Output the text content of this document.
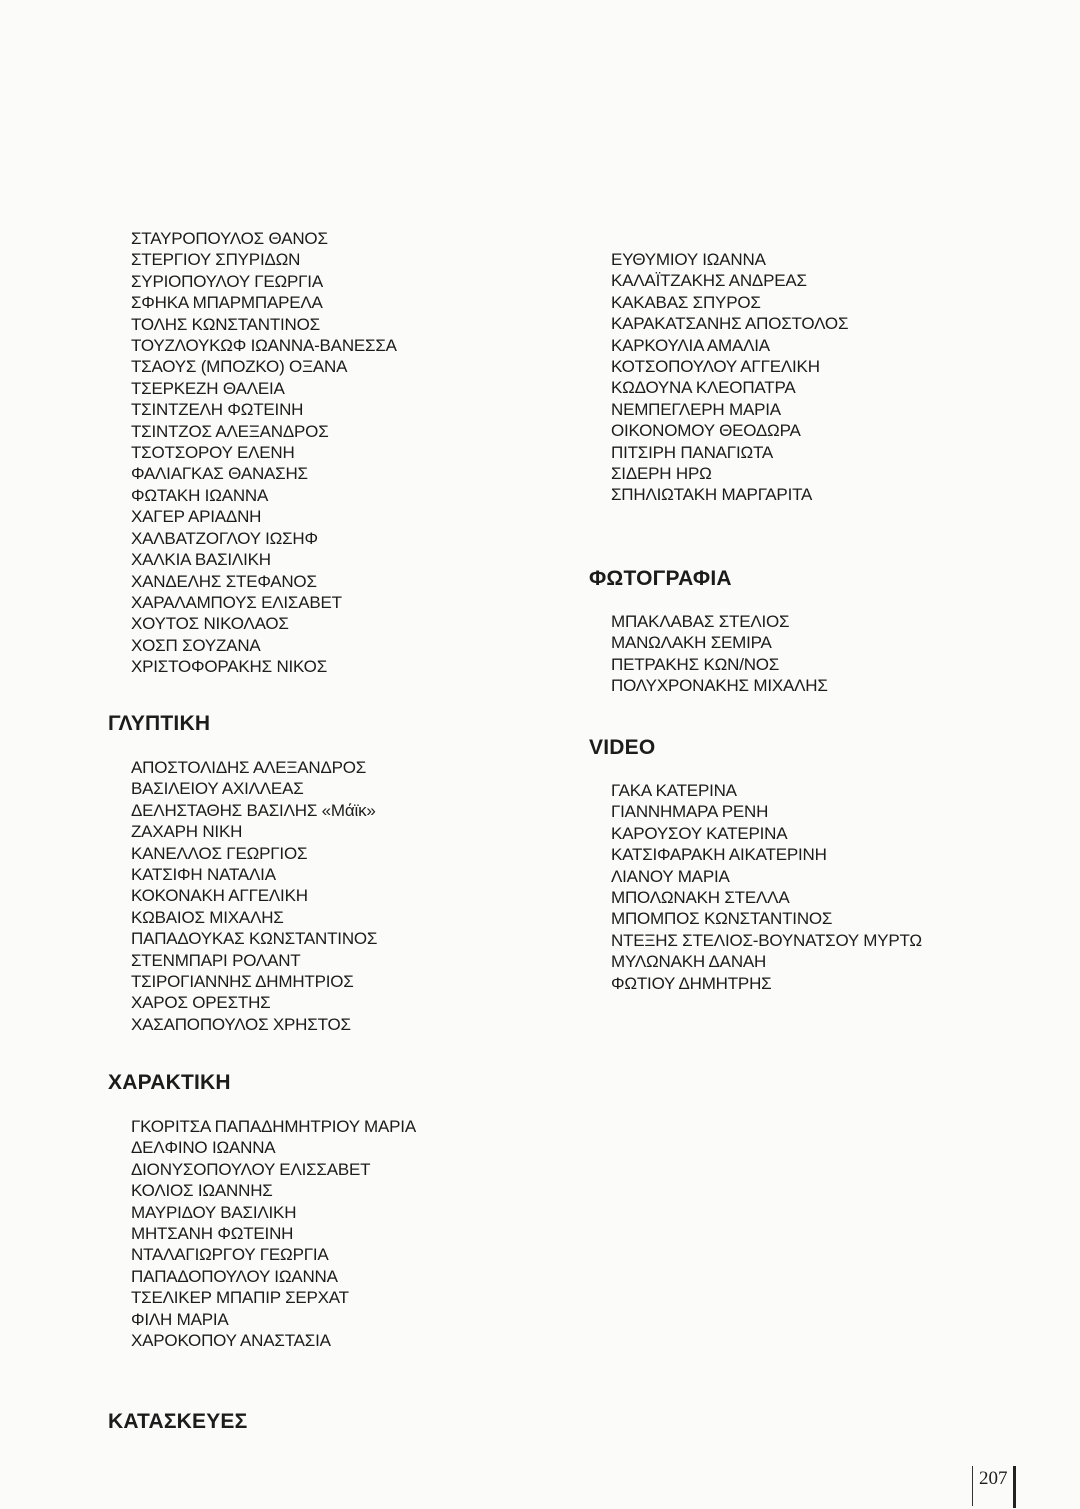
ΣΤΑΥΡΟΠΟΥΛΟΣ ΘΑΝΟΣ
ΣΤΕΡΓΙΟΥ ΣΠΥΡΙΔΩΝ
ΣΥΡΙΟΠΟΥΛΟΥ ΓΕΩΡΓΙΑ
ΣΦΗΚΑ ΜΠΑΡΜΠΑΡΕΛΑ
ΤΟΛΗΣ ΚΩΝΣΤΑΝΤΙΝΟΣ
ΤΟΥΖΛΟΥΚΩΦ ΙΩΑΝΝΑ-ΒΑΝΕΣΣΑ
ΤΣΑΟΥΣ (ΜΠΟΖΚΟ) ΟΞΑΝΑ
ΤΣΕΡΚΕΖΗ ΘΑΛΕΙΑ
ΤΣΙΝΤΖΕΛΗ ΦΩΤΕΙΝΗ
ΤΣΙΝΤΖΟΣ ΑΛΕΞΑΝΔΡΟΣ
ΤΣΟΤΣΟΡΟΥ ΕΛΕΝΗ
ΦΑΛΙΑΓΚΑΣ ΘΑΝΑΣΗΣ
ΦΩΤΑΚΗ ΙΩΑΝΝΑ
ΧΑΓΕΡ ΑΡΙΑΔΝΗ
ΧΑΛΒΑΤΖΟΓΛΟΥ ΙΩΣΗΦ
ΧΑΛΚΙΑ ΒΑΣΙΛΙΚΗ
ΧΑΝΔΕΛΗΣ ΣΤΕΦΑΝΟΣ
ΧΑΡΑΛΑΜΠΟΥΣ ΕΛΙΣΑΒΕΤ
ΧΟΥΤΟΣ ΝΙΚΟΛΑΟΣ
ΧΟΣΠ ΣΟΥΖΑΝΑ
ΧΡΙΣΤΟΦΟΡΑΚΗΣ ΝΙΚΟΣ
ΓΛΥΠΤΙΚΗ
ΑΠΟΣΤΟΛΙΔΗΣ ΑΛΕΞΑΝΔΡΟΣ
ΒΑΣΙΛΕΙΟΥ ΑΧΙΛΛΕΑΣ
ΔΕΛΗΣΤΑΘΗΣ ΒΑΣΙΛΗΣ «Μάϊκ»
ΖΑΧΑΡΗ ΝΙΚΗ
ΚΑΝΕΛΛΟΣ ΓΕΩΡΓΙΟΣ
ΚΑΤΣΙΦΗ ΝΑΤΑΛΙΑ
ΚΟΚΟΝΑΚΗ ΑΓΓΕΛΙΚΗ
ΚΩΒΑΙΟΣ ΜΙΧΑΛΗΣ
ΠΑΠΑΔΟΥΚΑΣ ΚΩΝΣΤΑΝΤΙΝΟΣ
ΣΤΕΝΜΠΑΡΙ ΡΟΛΑΝΤ
ΤΣΙΡΟΓΙΑΝΝΗΣ ΔΗΜΗΤΡΙΟΣ
ΧΑΡΟΣ ΟΡΕΣΤΗΣ
ΧΑΣΑΠΟΠΟΥΛΟΣ ΧΡΗΣΤΟΣ
ΧΑΡΑΚΤΙΚΗ
ΓΚΟΡΙΤΣΑ ΠΑΠΑΔΗΜΗΤΡΙΟΥ ΜΑΡΙΑ
ΔΕΛΦΙΝΟ ΙΩΑΝΝΑ
ΔΙΟΝΥΣΟΠΟΥΛΟΥ ΕΛΙΣΣΑΒΕΤ
ΚΟΛΙΟΣ ΙΩΑΝΝΗΣ
ΜΑΥΡΙΔΟΥ ΒΑΣΙΛΙΚΗ
ΜΗΤΣΑΝΗ ΦΩΤΕΙΝΗ
ΝΤΑΛΑΓΙΩΡΓΟΥ ΓΕΩΡΓΙΑ
ΠΑΠΑΔΟΠΟΥΛΟΥ ΙΩΑΝΝΑ
ΤΣΕΛΙΚΕΡ ΜΠΑΠΙΡ ΣΕΡΧΑΤ
ΦΙΛΗ ΜΑΡΙΑ
ΧΑΡΟΚΟΠΟΥ ΑΝΑΣΤΑΣΙΑ
ΚΑΤΑΣΚΕΥΕΣ
ΕΥΘΥΜΙΟΥ ΙΩΑΝΝΑ
ΚΑΛΑΪΤΖΑΚΗΣ ΑΝΔΡΕΑΣ
ΚΑΚΑΒΑΣ ΣΠΥΡΟΣ
ΚΑΡΑΚΑΤΣΑΝΗΣ ΑΠΟΣΤΟΛΟΣ
ΚΑΡΚΟΥΛΙΑ ΑΜΑΛΙΑ
ΚΟΤΣΟΠΟΥΛΟΥ ΑΓΓΕΛΙΚΗ
ΚΩΔΟΥΝΑ ΚΛΕΟΠΑΤΡΑ
ΝΕΜΠΕΓΛΕΡΗ ΜΑΡΙΑ
ΟΙΚΟΝΟΜΟΥ ΘΕΟΔΩΡΑ
ΠΙΤΣΙΡΗ ΠΑΝΑΓΙΩΤΑ
ΣΙΔΕΡΗ ΗΡΩ
ΣΠΗΛΙΩΤΑΚΗ ΜΑΡΓΑΡΙΤΑ
ΦΩΤΟΓΡΑΦΙΑ
ΜΠΑΚΛΑΒΑΣ ΣΤΕΛΙΟΣ
ΜΑΝΩΛΑΚΗ ΣΕΜΙΡΑ
ΠΕΤΡΑΚΗΣ ΚΩΝ/ΝΟΣ
ΠΟΛΥΧΡΟΝΑΚΗΣ ΜΙΧΑΛΗΣ
VIDEO
ΓΑΚΑ ΚΑΤΕΡΙΝΑ
ΓΙΑΝΝΗΜΑΡΑ ΡΕΝΗ
ΚΑΡΟΥΣΟΥ ΚΑΤΕΡΙΝΑ
ΚΑΤΣΙΦΑΡΑΚΗ ΑΙΚΑΤΕΡΙΝΗ
ΛΙΑΝΟΥ ΜΑΡΙΑ
ΜΠΟΛΩΝΑΚΗ ΣΤΕΛΛΑ
ΜΠΟΜΠΟΣ ΚΩΝΣΤΑΝΤΙΝΟΣ
ΝΤΕΞΗΣ ΣΤΕΛΙΟΣ-ΒΟΥΝΑΤΣΟΥ ΜΥΡΤΩ
ΜΥΛΩΝΑΚΗ ΔΑΝΑΗ
ΦΩΤΙΟΥ ΔΗΜΗΤΡΗΣ
207
